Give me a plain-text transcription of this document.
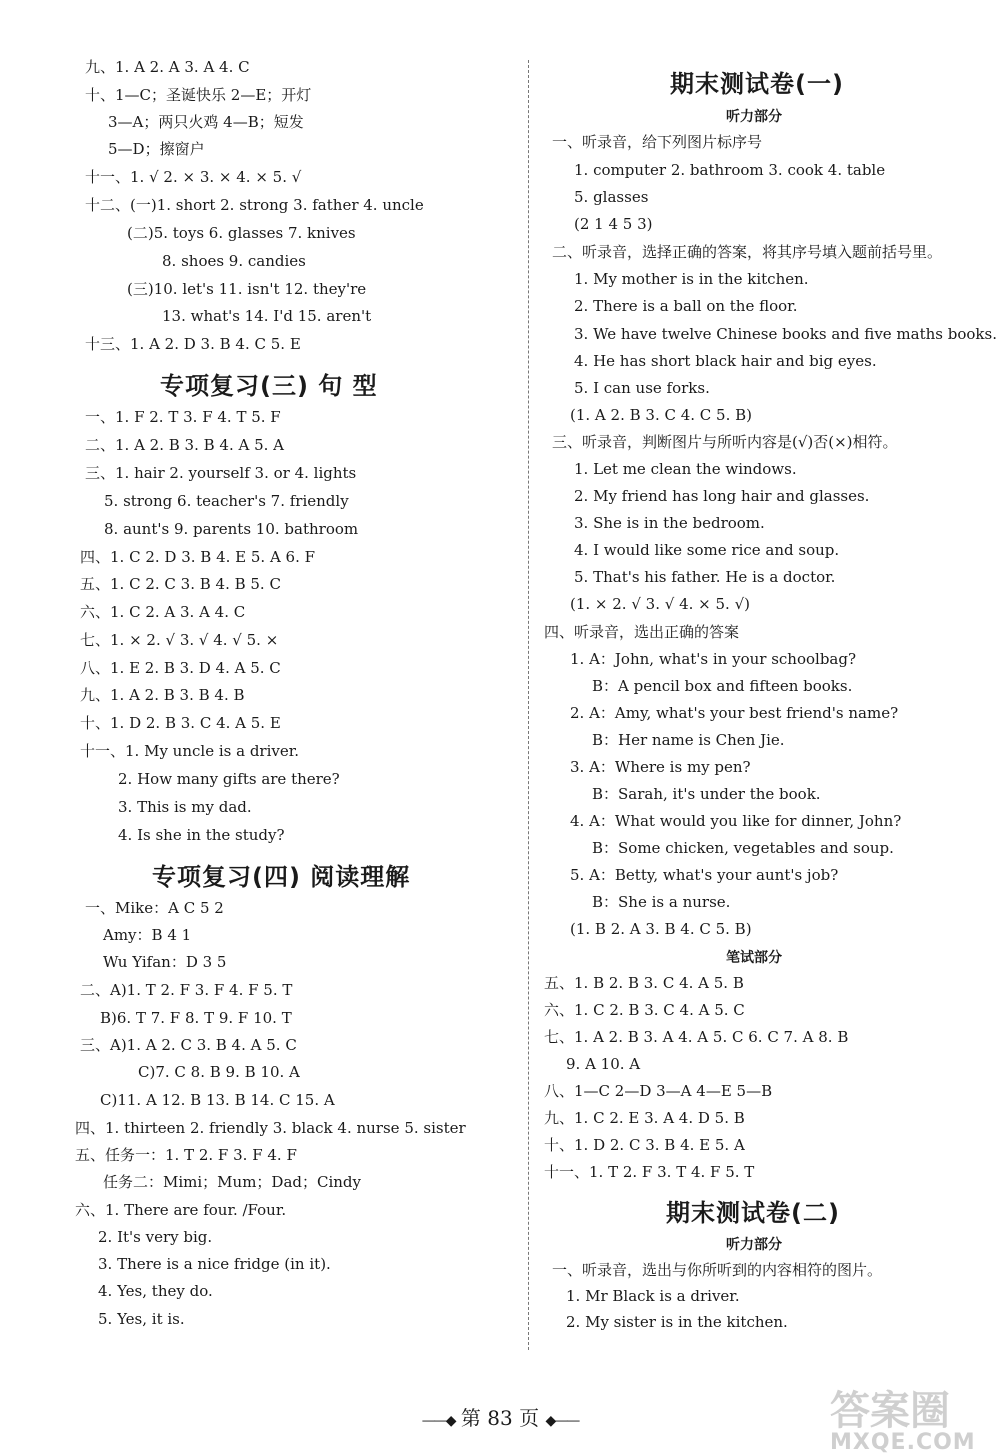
九、1. A 2. A 3. A 4. C
十、1—C；圣诞快乐 2—E；开灯
3—A；两只火鸡 4—B；短发
5—D；擦窗户
十一、1. √ 2. × 3. × 4. × 5. √
十二、(一)1. short 2. strong 3. father 4. uncle
(二)5. toys 6. glasses 7. knives
8. shoes 9. candies
(三)10. let's 11. isn't 12. they're
13. what's 14. I'd 15. aren't
十三、1. A 2. D 3. B 4. C 5. E
专项复习(三) 句 型
一、1. F 2. T 3. F 4. T 5. F
二、1. A 2. B 3. B 4. A 5. A
三、1. hair 2. yourself 3. or 4. lights
5. strong 6. teacher's 7. friendly
8. aunt's 9. parents 10. bathroom
四、1. C 2. D 3. B 4. E 5. A 6. F
五、1. C 2. C 3. B 4. B 5. C
六、1. C 2. A 3. A 4. C
七、1. × 2. √ 3. √ 4. √ 5. ×
八、1. E 2. B 3. D 4. A 5. C
九、1. A 2. B 3. B 4. B
十、1. D 2. B 3. C 4. A 5. E
十一、1. My uncle is a driver.
2. How many gifts are there?
3. This is my dad.
4. Is she in the study?
专项复习(四) 阅读理解
一、Mike：A C 5 2
Amy：B 4 1
Wu Yifan：D 3 5
二、A)1. T 2. F 3. F 4. F 5. T
B)6. T 7. F 8. T 9. F 10. T
三、A)1. A 2. C 3. B 4. A 5. C
C)7. C 8. B 9. B 10. A
C)11. A 12. B 13. B 14. C 15. A
四、1. thirteen 2. friendly 3. black 4. nurse 5. sister
五、任务一：1. T 2. F 3. F 4. F
任务二：Mimi；Mum；Dad；Cindy
六、1. There are four. /Four.
2. It's very big.
3. There is a nice fridge (in it).
4. Yes, they do.
5. Yes, it is.
期末测试卷(一)
听力部分
一、听录音，给下列图片标序号
1. computer 2. bathroom 3. cook 4. table
5. glasses
(2 1 4 5 3)
二、听录音，选择正确的答案，将其序号填入题前括号里。
1. My mother is in the kitchen.
2. There is a ball on the floor.
3. We have twelve Chinese books and five maths books.
4. He has short black hair and big eyes.
5. I can use forks.
(1. A 2. B 3. C 4. C 5. B)
三、听录音，判断图片与所听内容是(√)否(×)相符。
1. Let me clean the windows.
2. My friend has long hair and glasses.
3. She is in the bedroom.
4. I would like some rice and soup.
5. That's his father. He is a doctor.
(1. × 2. √ 3. √ 4. × 5. √)
四、听录音，选出正确的答案
1. A：John, what's in your schoolbag?
B：A pencil box and fifteen books.
2. A：Amy, what's your best friend's name?
B：Her name is Chen Jie.
3. A：Where is my pen?
B：Sarah, it's under the book.
4. A：What would you like for dinner, John?
B：Some chicken, vegetables and soup.
5. A：Betty, what's your aunt's job?
B：She is a nurse.
(1. B 2. A 3. B 4. C 5. B)
笔试部分
五、1. B 2. B 3. C 4. A 5. B
六、1. C 2. B 3. C 4. A 5. C
七、1. A 2. B 3. A 4. A 5. C 6. C 7. A 8. B
9. A 10. A
八、1—C 2—D 3—A 4—E 5—B
九、1. C 2. E 3. A 4. D 5. B
十、1. D 2. C 3. B 4. E 5. A
十一、1. T 2. F 3. T 4. F 5. T
期末测试卷(二)
听力部分
一、听录音，选出与你所听到的内容相符的图片。
1. Mr Black is a driver.
2. My sister is in the kitchen.
——◆ 第 83 页 ◆——	答案圈
MXQE.COM
